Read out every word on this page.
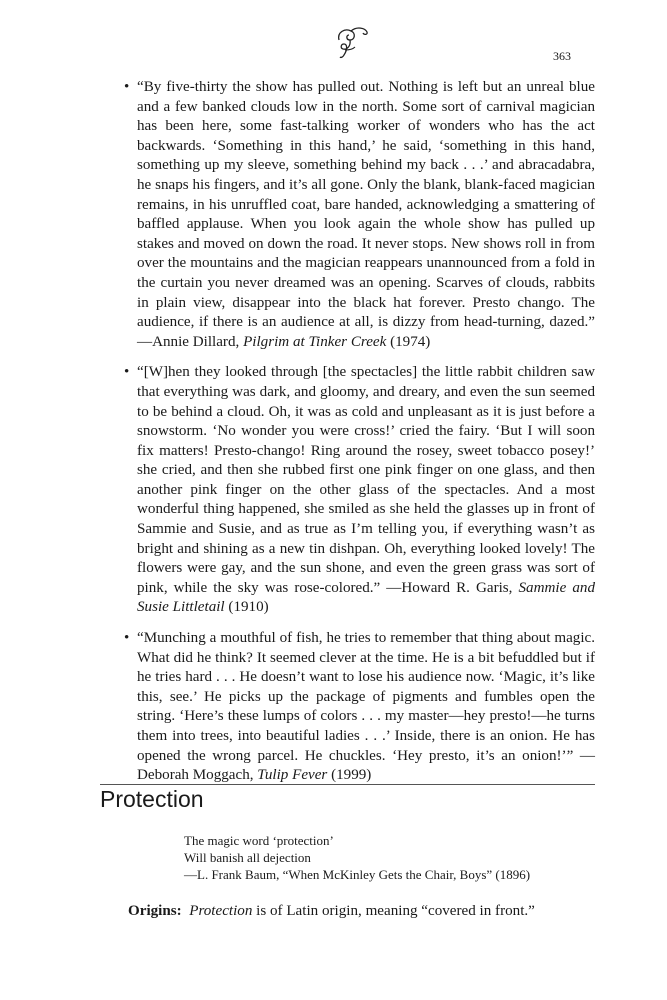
363

• “By five-thirty the show has pulled out. Nothing is left but an unreal blue and a few banked clouds low in the north. Some sort of carnival magician has been here, some fast-talking worker of wonders who has the act backwards. ‘Something in this hand,’ he said, ‘something in this hand, something up my sleeve, something behind my back . . .’ and abracadabra, he snaps his fingers, and it’s all gone. Only the blank, blank-faced magician remains, in his unruffled coat, bare handed, acknowledging a smattering of baffled applause. When you look again the whole show has pulled up stakes and moved on down the road. It never stops. New shows roll in from over the mountains and the magician reappears unannounced from a fold in the curtain you never dreamed was an opening. Scarves of clouds, rabbits in plain view, disappear into the black hat forever. Presto chango. The audience, if there is an audience at all, is dizzy from head-turning, dazed.” —Annie Dillard, Pilgrim at Tinker Creek (1974)

• “[W]hen they looked through [the spectacles] the little rabbit children saw that everything was dark, and gloomy, and dreary, and even the sun seemed to be behind a cloud. Oh, it was as cold and unpleasant as it is just before a snowstorm. ‘No wonder you were cross!’ cried the fairy. ‘But I will soon fix matters! Presto-chango! Ring around the rosey, sweet tobacco posey!’ she cried, and then she rubbed first one pink finger on one glass, and then another pink finger on the other glass of the spectacles. And a most wonderful thing happened, she smiled as she held the glasses up in front of Sammie and Susie, and as true as I’m telling you, if everything wasn’t as bright and shining as a new tin dishpan. Oh, everything looked lovely! The flowers were gay, and the sun shone, and even the green grass was sort of pink, while the sky was rose-colored.” —Howard R. Garis, Sammie and Susie Littletail (1910)

• “Munching a mouthful of fish, he tries to remember that thing about magic. What did he think? It seemed clever at the time. He is a bit befuddled but if he tries hard . . . He doesn’t want to lose his audience now. ‘Magic, it’s like this, see.’ He picks up the package of pigments and fumbles open the string. ‘Here’s these lumps of colors . . . my master—hey presto!—he turns them into trees, into beautiful ladies . . .’ Inside, there is an onion. He has opened the wrong parcel. He chuckles. ‘Hey presto, it’s an onion!’” —Deborah Moggach, Tulip Fever (1999)

Protection
The magic word ‘protection’
Will banish all dejection
—L. Frank Baum, “When McKinley Gets the Chair, Boys” (1896)
Origins: Protection is of Latin origin, meaning “covered in front.”
